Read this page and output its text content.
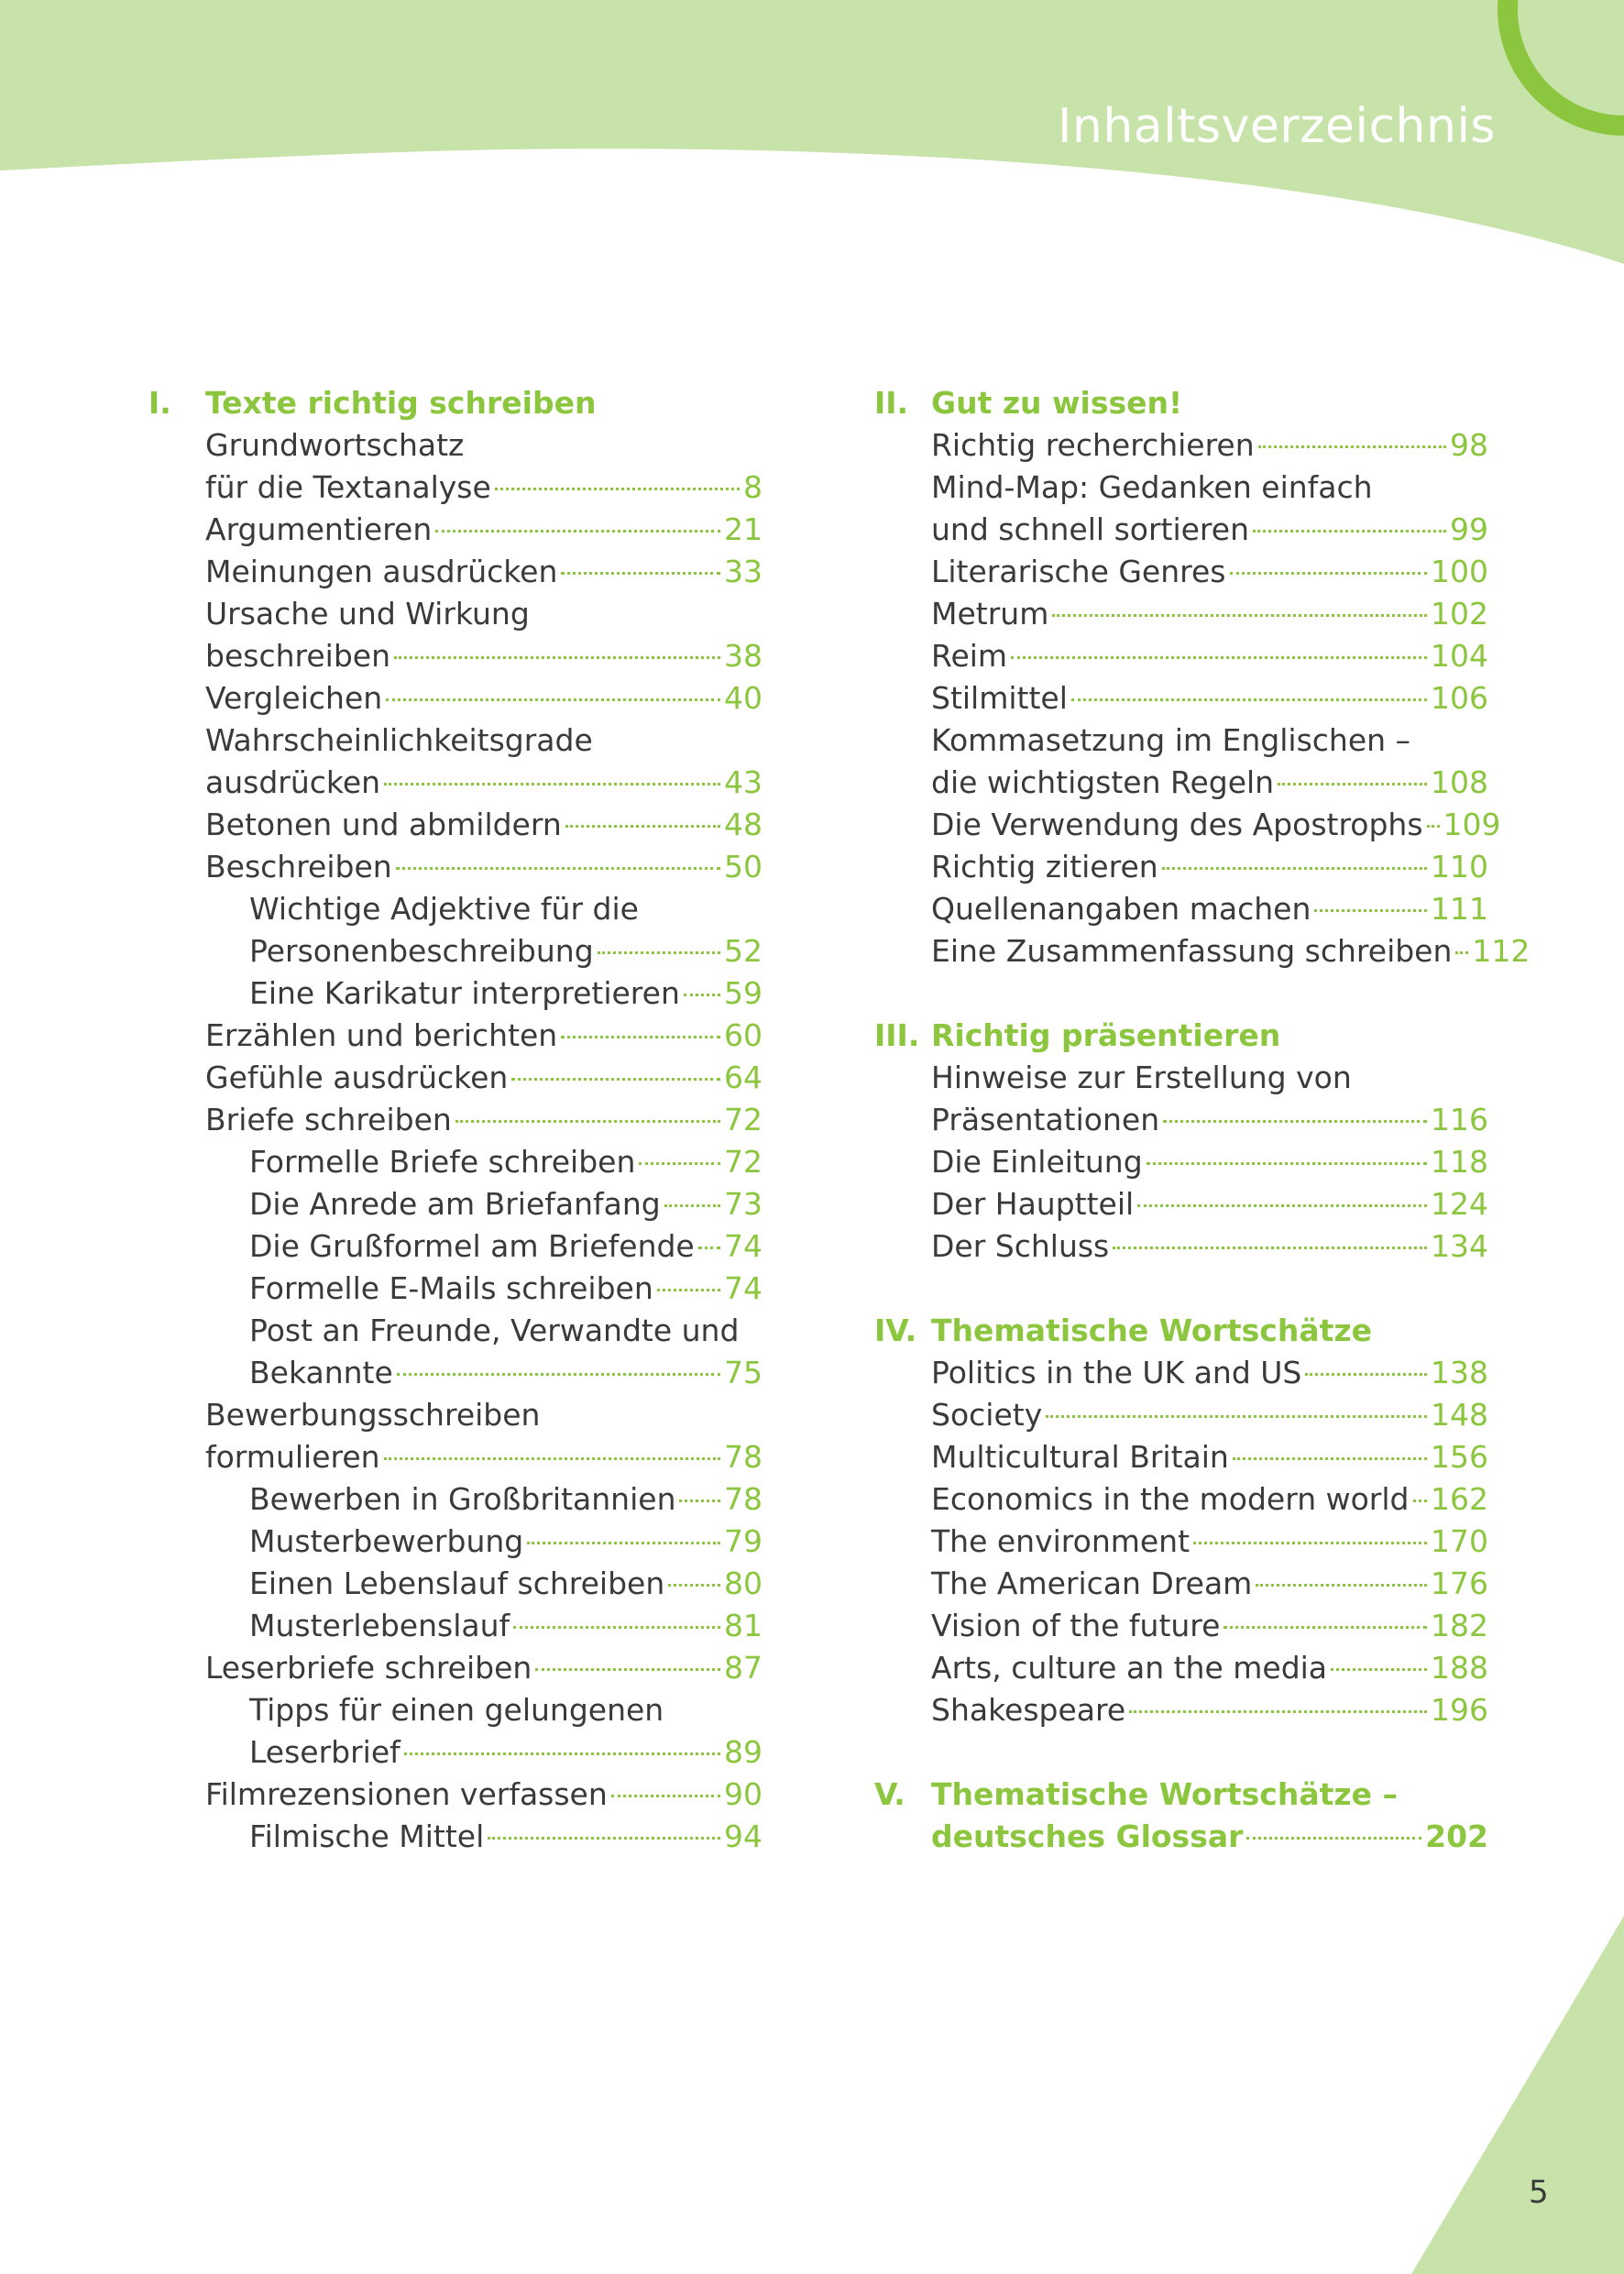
Inhaltsverzeichnis
5
I. Texte richtig schreiben
Grundwortschatz
für die Textanalyse	8
Argumentieren	21
Meinungen ausdrücken	33
Ursache und Wirkung
beschreiben	38
Vergleichen	40
Wahrscheinlichkeitsgrade
ausdrücken	43
Betonen und abmildern	48
Beschreiben	50
Wichtige Adjektive für die
Personenbeschreibung	52
Eine Karikatur interpretieren 59
Erzählen und berichten	60
Gefühle ausdrücken	64
Briefe schreiben	72
Formelle Briefe schreiben	72
Die Anrede am Briefanfang 73
Die Grußformel am Briefende 74
Formelle E-Mails schreiben 74
Post an Freunde, Verwandte und
Bekannte	75
Bewerbungsschreiben
formulieren	78
Bewerben in Großbritannien 78
Musterbewerbung	79
Einen Lebenslauf schreiben 80
Musterlebenslauf	81
Leserbriefe schreiben	87
Tipps für einen gelungenen
Leserbrief	89
Filmrezensionen verfassen	90
Filmische Mittel	94
II. Gut zu wissen!
Richtig recherchieren	98
Mind-Map: Gedanken einfach
und schnell sortieren	99
Literarische Genres	100
Metrum	102
Reim	104
Stilmittel	106
Kommasetzung im Englischen –
die wichtigsten Regeln	108
Die Verwendung des Apostrophs 109
Richtig zitieren	110
Quellenangaben machen	111
Eine Zusammenfassung schreiben 112
III. Richtig präsentieren
Hinweise zur Erstellung von
Präsentationen	116
Die Einleitung	118
Der Hauptteil	124
Der Schluss	134
IV. Thematische Wortschätze
Politics in the UK and US	138
Society	148
Multicultural Britain	156
Economics in the modern world 162
The environment	170
The American Dream	176
Vision of the future	182
Arts, culture an the media	188
Shakespeare	196
V. Thematische Wortschätze –
deutsches Glossar	202
